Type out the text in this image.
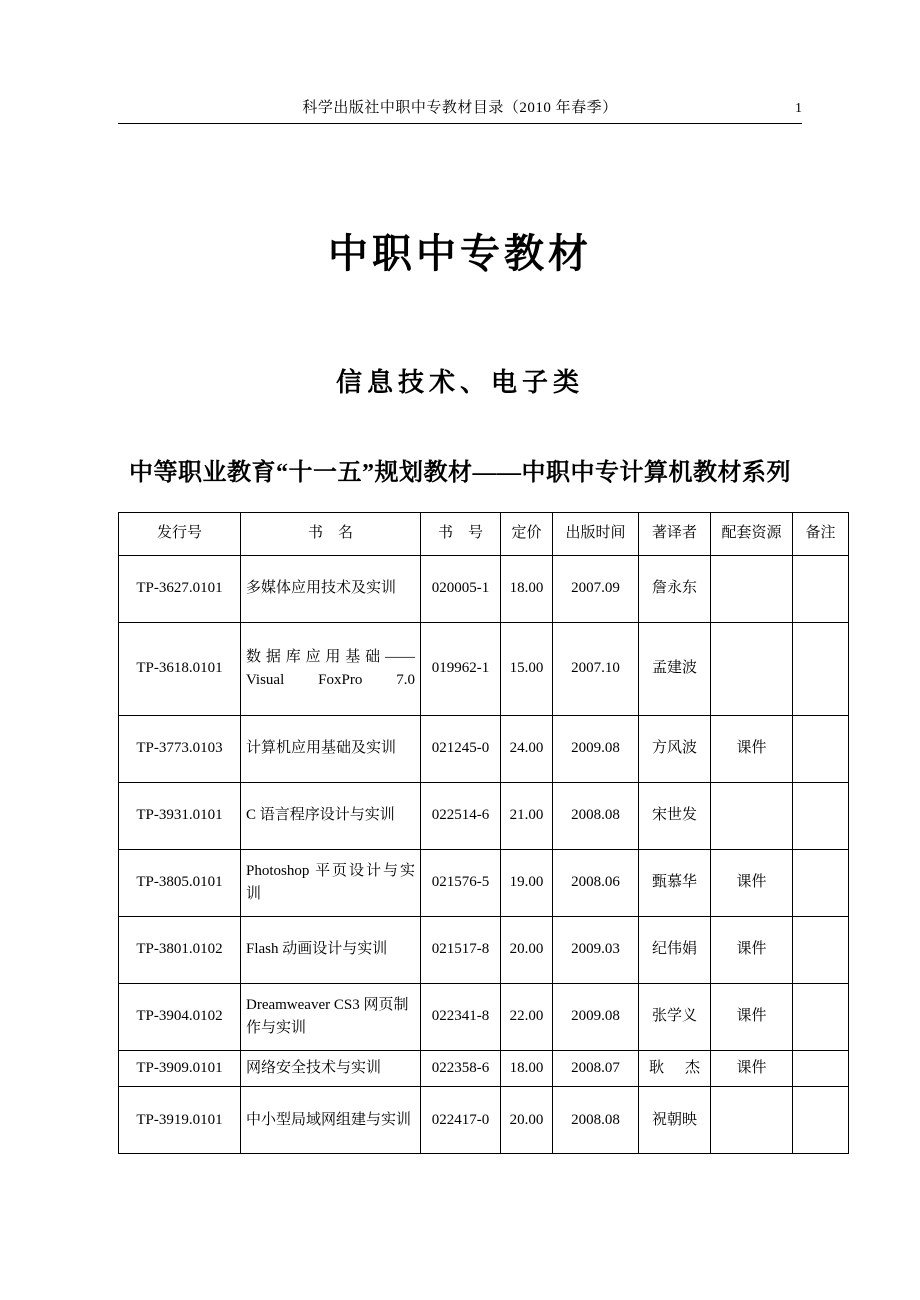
科学出版社中职中专教材目录（2010 年春季）	1
中职中专教材
信息技术、电子类
中等职业教育“十一五”规划教材——中职中专计算机教材系列
发行号	书　名	书　号	定价	出版时间	著译者	配套资源	备注
TP-3627.0101	多媒体应用技术及实训	020005-1	18.00	2007.09	詹永东		
TP-3618.0101	数据库应用基础——Visual FoxPro 7.0	019962-1	15.00	2007.10	孟建波		
TP-3773.0103	计算机应用基础及实训	021245-0	24.00	2009.08	方风波	课件	
TP-3931.0101	C 语言程序设计与实训	022514-6	21.00	2008.08	宋世发		
TP-3805.0101	Photoshop 平页设计与实训	021576-5	19.00	2008.06	甄慕华	课件	
TP-3801.0102	Flash 动画设计与实训	021517-8	20.00	2009.03	纪伟娟	课件	
TP-3904.0102	Dreamweaver CS3 网页制作与实训	022341-8	22.00	2009.08	张学义	课件	
TP-3909.0101	网络安全技术与实训	022358-6	18.00	2008.07	耿　杰	课件	
TP-3919.0101	中小型局域网组建与实训	022417-0	20.00	2008.08	祝朝映		
